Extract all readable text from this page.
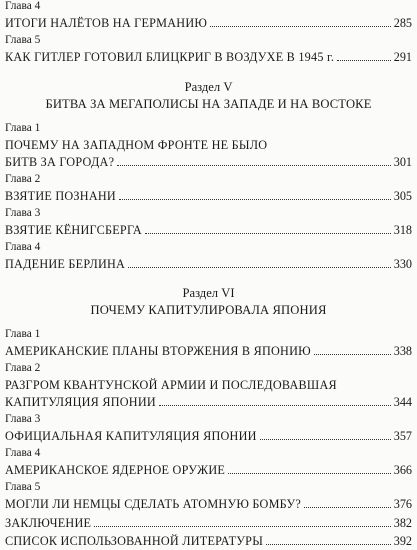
Глава 4
ИТОГИ НАЛЁТОВ НА ГЕРМАНИЮ	285
Глава 5
КАК ГИТЛЕР ГОТОВИЛ БЛИЦКРИГ В ВОЗДУХЕ В 1945 г.	291
Раздел V
БИТВА ЗА МЕГАПОЛИСЫ НА ЗАПАДЕ И НА ВОСТОКЕ
Глава 1
ПОЧЕМУ НА ЗАПАДНОМ ФРОНТЕ НЕ БЫЛО
БИТВ ЗА ГОРОДА?	301
Глава 2
ВЗЯТИЕ ПОЗНАНИ	305
Глава 3
ВЗЯТИЕ КЁНИГСБЕРГА	318
Глава 4
ПАДЕНИЕ БЕРЛИНА	330
Раздел VI
ПОЧЕМУ КАПИТУЛИРОВАЛА ЯПОНИЯ
Глава 1
АМЕРИКАНСКИЕ ПЛАНЫ ВТОРЖЕНИЯ В ЯПОНИЮ	338
Глава 2
РАЗГРОМ КВАНТУНСКОЙ АРМИИ И ПОСЛЕДОВАВШАЯ
КАПИТУЛЯЦИЯ ЯПОНИИ	344
Глава 3
ОФИЦИАЛЬНАЯ КАПИТУЛЯЦИЯ ЯПОНИИ	357
Глава 4
АМЕРИКАНСКОЕ ЯДЕРНОЕ ОРУЖИЕ	366
Глава 5
МОГЛИ ЛИ НЕМЦЫ СДЕЛАТЬ АТОМНУЮ БОМБУ?	376
ЗАКЛЮЧЕНИЕ	382
СПИСОК ИСПОЛЬЗОВАННОЙ ЛИТЕРАТУРЫ	392
